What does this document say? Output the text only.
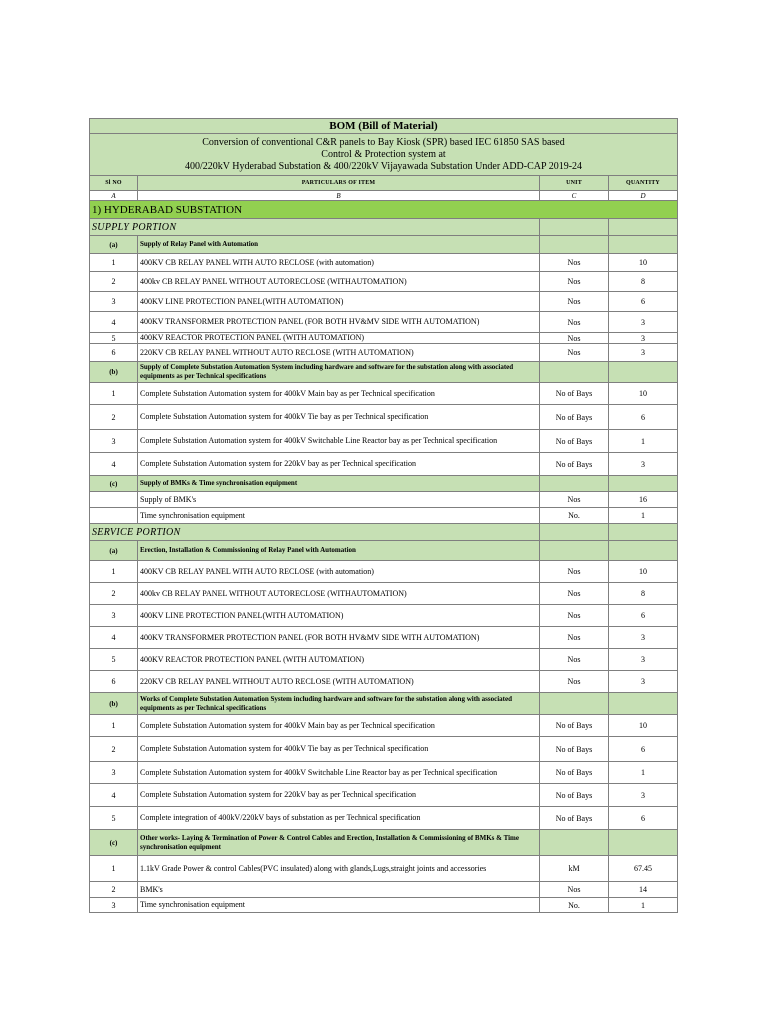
BOM (Bill of Material)			

Conversion of conventional C&R panels to Bay Kiosk (SPR) based IEC 61850 SAS based
Control & Protection system at
400/220kV Hyderabad Substation & 400/220kV Vijayawada Substation Under ADD-CAP 2019-24			

Sl NO	PARTICULARS OF ITEM	UNIT	QUANTITY
A	B	C	D
1) HYDERABAD SUBSTATION			
SUPPLY PORTION			
(a)	Supply of Relay Panel with Automation		
1	400KV CB RELAY PANEL WITH AUTO RECLOSE (with automation)	Nos	10
2	400kv CB RELAY PANEL WITHOUT AUTORECLOSE (WITHAUTOMATION)	Nos	8
3	400KV LINE PROTECTION PANEL(WITH AUTOMATION)	Nos	6
4	400KV TRANSFORMER PROTECTION PANEL (FOR BOTH HV&MV SIDE WITH AUTOMATION)	Nos	3
5	400KV REACTOR PROTECTION PANEL (WITH AUTOMATION)	Nos	3
6	220KV CB RELAY PANEL WITHOUT AUTO RECLOSE (WITH AUTOMATION)	Nos	3
(b)	Supply of Complete Substation Automation System including hardware and software for the substation along with associated equipments as per Technical specifications		
1	Complete Substation Automation system for 400kV Main bay as per Technical specification	No of Bays	10
2	Complete Substation Automation system for 400kV Tie bay as per Technical specification	No of Bays	6
3	Complete Substation Automation system for 400kV Switchable Line Reactor bay as per Technical specification	No of Bays	1
4	Complete Substation Automation system for 220kV bay as per Technical specification	No of Bays	3
(c)	Supply of BMKs & Time synchronisation equipment		
	Supply of BMK's	Nos	16
	Time synchronisation equipment	No.	1
SERVICE PORTION			
(a)	Erection, Installation & Commissioning of Relay Panel with Automation		
1	400KV CB RELAY PANEL WITH AUTO RECLOSE (with automation)	Nos	10
2	400kv CB RELAY PANEL WITHOUT AUTORECLOSE (WITHAUTOMATION)	Nos	8
3	400KV LINE PROTECTION PANEL(WITH AUTOMATION)	Nos	6
4	400KV TRANSFORMER PROTECTION PANEL (FOR BOTH HV&MV SIDE WITH AUTOMATION)	Nos	3
5	400KV REACTOR PROTECTION PANEL (WITH AUTOMATION)	Nos	3
6	220KV CB RELAY PANEL WITHOUT AUTO RECLOSE (WITH AUTOMATION)	Nos	3
(b)	Works of Complete Substation Automation System including hardware and software for the substation along with associated equipments as per Technical specifications		
1	Complete Substation Automation system for 400kV Main bay as per Technical specification	No of Bays	10
2	Complete Substation Automation system for 400kV Tie bay as per Technical specification	No of Bays	6
3	Complete Substation Automation system for 400kV Switchable Line Reactor bay as per Technical specification	No of Bays	1
4	Complete Substation Automation system for 220kV bay as per Technical specification	No of Bays	3
5	Complete integration of 400kV/220kV bays of substation as per Technical specification	No of Bays	6
(c)	Other works- Laying & Termination of Power & Control Cables and Erection, Installation & Commissioning of BMKs & Time synchronisation equipment		
1	1.1kV Grade Power & control Cables(PVC insulated) along with glands,Lugs,straight joints and accessories	kM	67.45
2	BMK's	Nos	14
3	Time synchronisation equipment	No.	1
